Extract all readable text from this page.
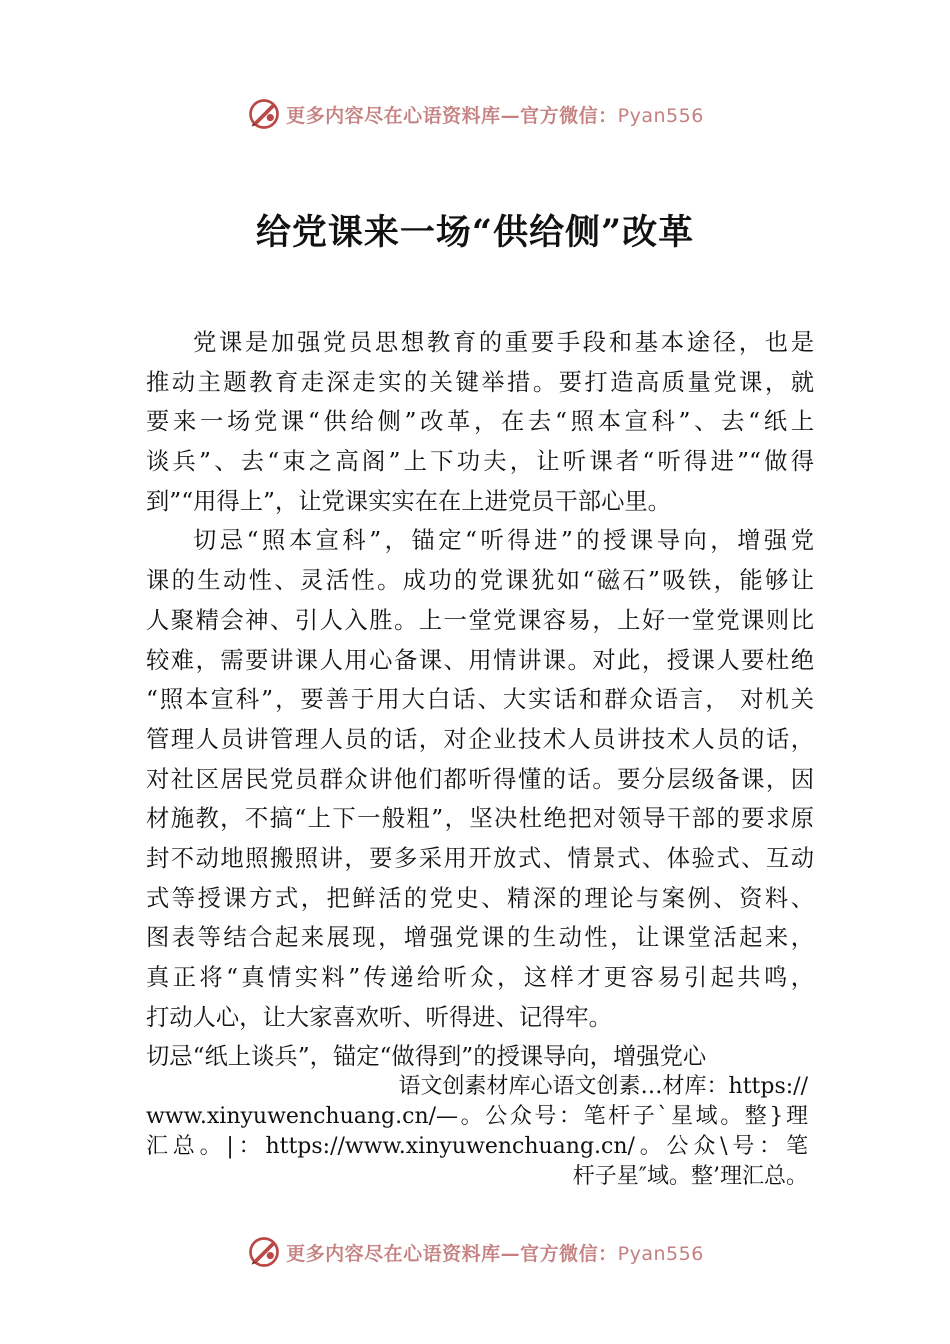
更多内容尽在心语资料库—官方微信：Pyan556
给党课来一场“供给侧”改革
党课是加强党员思想教育的重要手段和基本途径，也是
推动主题教育走深走实的关键举措。要打造高质量党课，就
要来一场党课“供给侧”改革，在去“照本宣科”、去“纸上
谈兵”、去“束之高阁”上下功夫，让听课者“听得进”“做得
到”“用得上”，让党课实实在在上进党员干部心里。
切忌“照本宣科”，锚定“听得进”的授课导向，增强党
课的生动性、灵活性。成功的党课犹如“磁石”吸铁，能够让
人聚精会神、引人入胜。上一堂党课容易，上好一堂党课则比
较难，需要讲课人用心备课、用情讲课。对此，授课人要杜绝
“照本宣科”，要善于用大白话、大实话和群众语言， 对机关
管理人员讲管理人员的话，对企业技术人员讲技术人员的话，
对社区居民党员群众讲他们都听得懂的话。要分层级备课，因
材施教，不搞“上下一般粗”，坚决杜绝把对领导干部的要求原
封不动地照搬照讲，要多采用开放式、情景式、体验式、互动
式等授课方式，把鲜活的党史、精深的理论与案例、资料、
图表等结合起来展现，增强党课的生动性，让课堂活起来，
真正将“真情实料”传递给听众，这样才更容易引起共鸣，
打动人心，让大家喜欢听、听得进、记得牢。
切忌“纸上谈兵”，锚定“做得到”的授课导向，增强党心
语文创素材库心语文创素…材库：https://
www.xinyuwenchuang.cn/—。公众号：笔杆子`星域。整}理
汇总。|：https://www.xinyuwenchuang.cn/。公众\号：笔
杆子星″域。整’理汇总。
更多内容尽在心语资料库—官方微信：Pyan556
